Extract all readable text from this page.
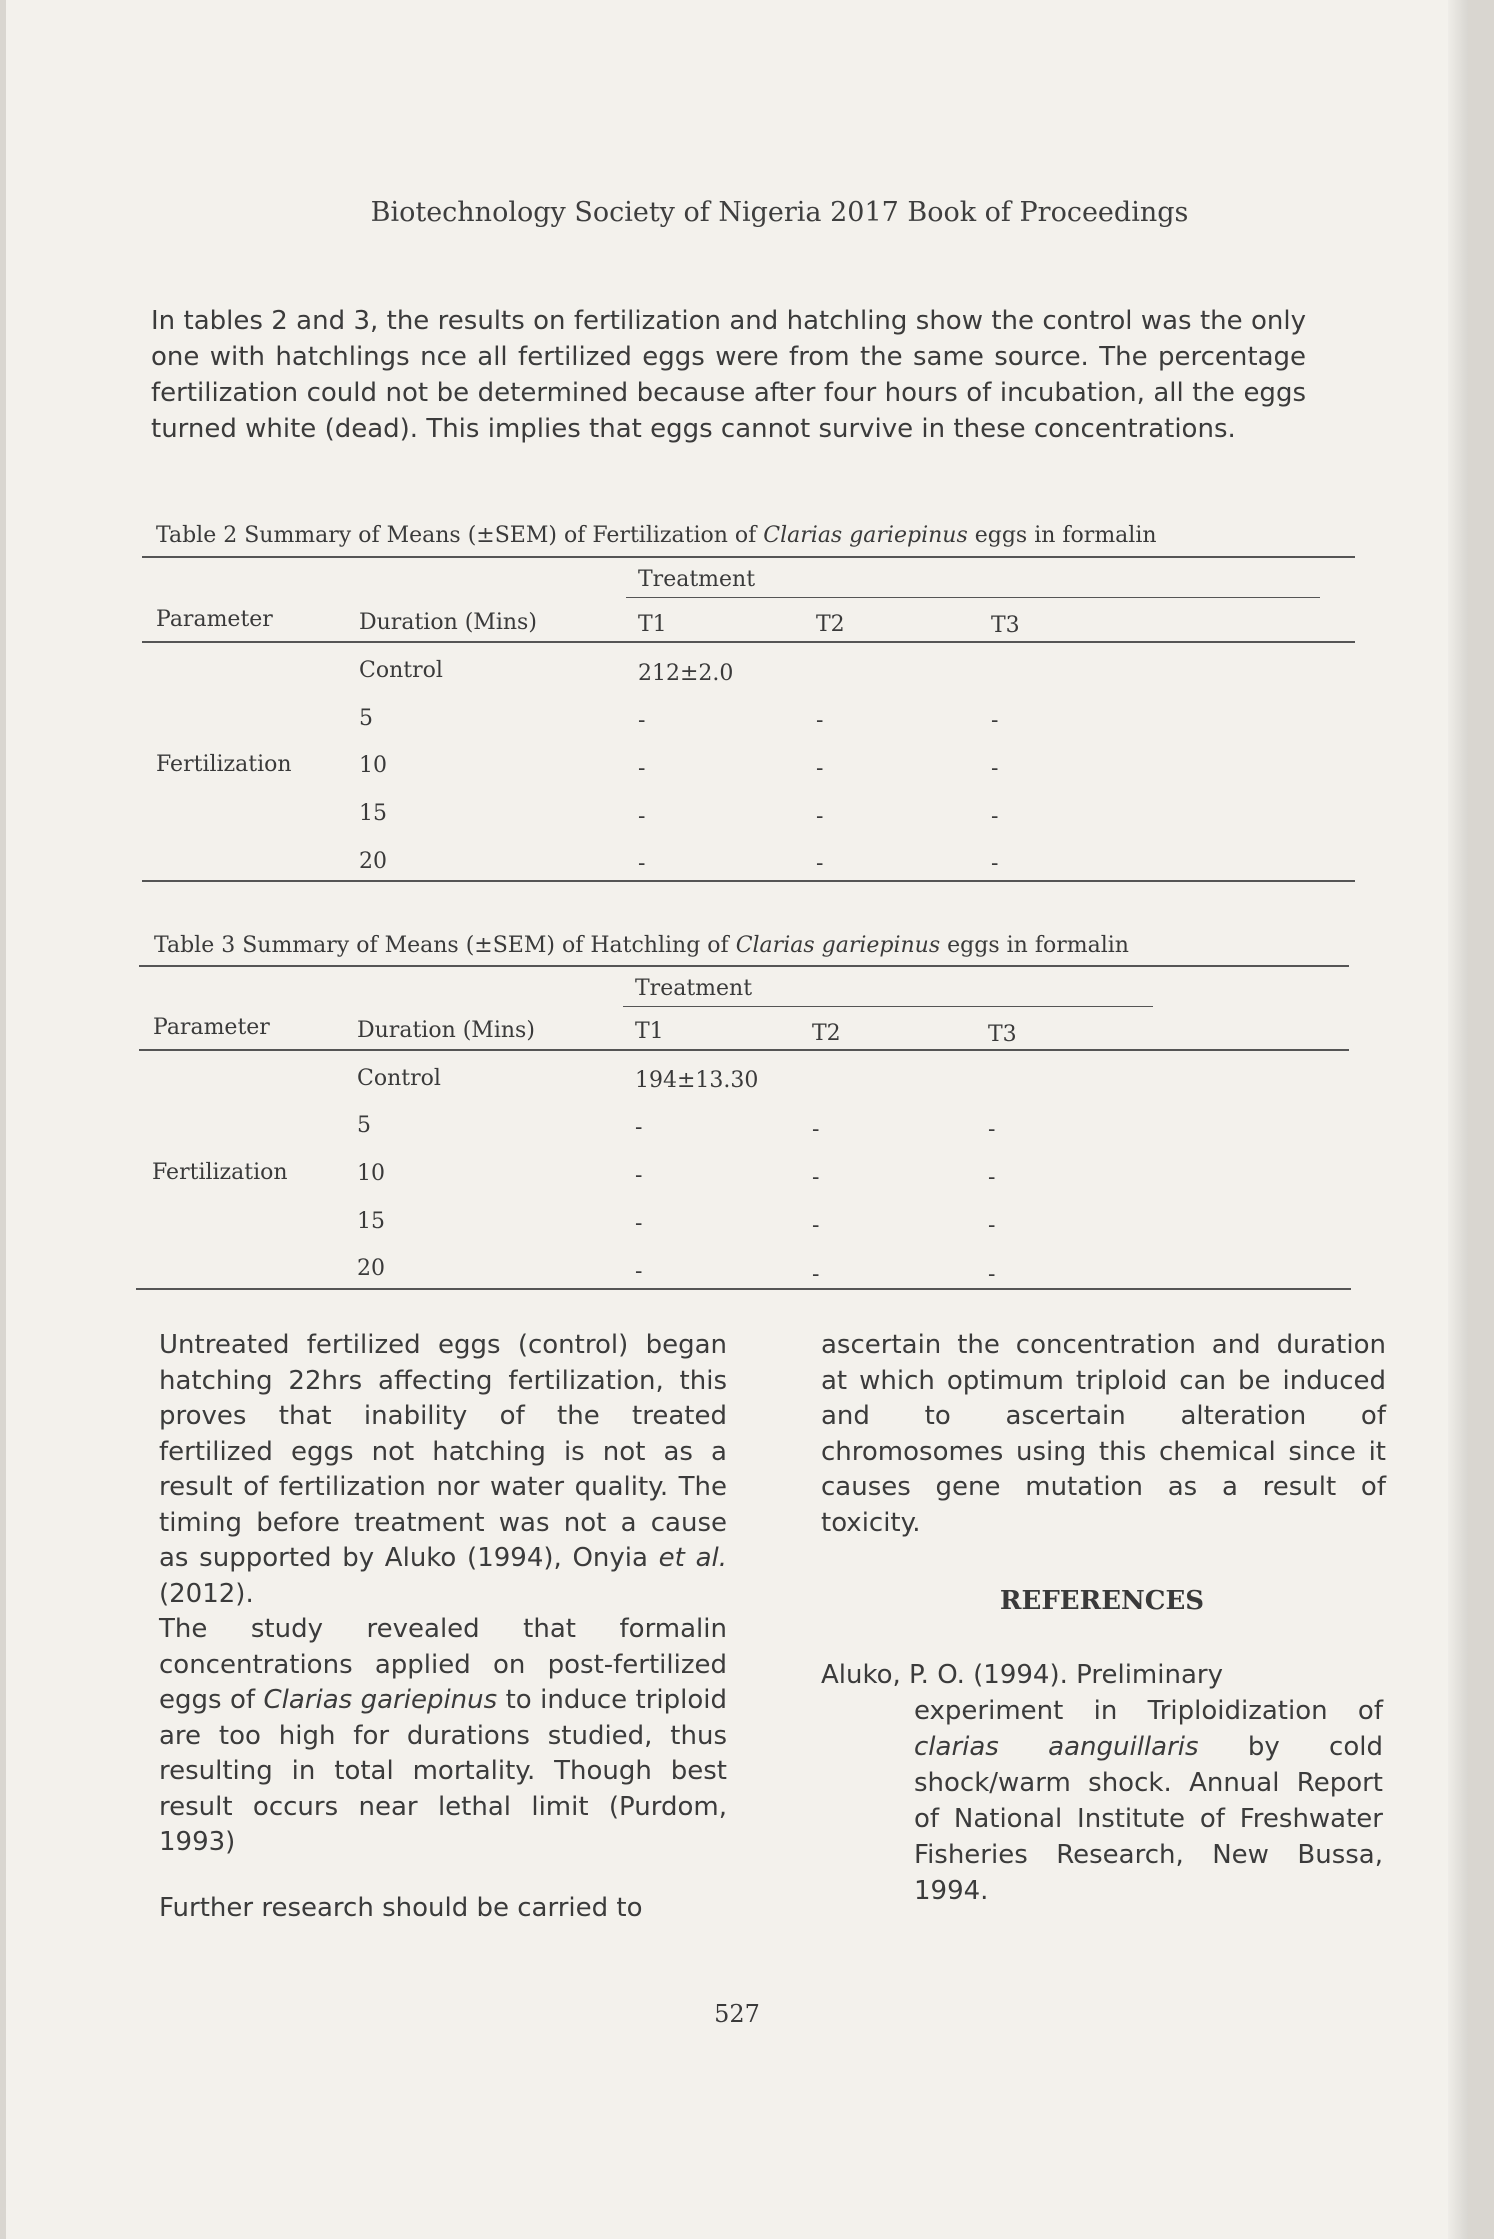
Biotechnology Society of Nigeria 2017 Book of Proceedings
In tables 2 and 3, the results on fertilization and hatchling show the control was the only one with hatchlings nce all fertilized eggs were from the same source. The percentage fertilization could not be determined because after four hours of incubation, all the eggs turned white (dead). This implies that eggs cannot survive in these concentrations.
Table 2 Summary of Means (±SEM) of Fertilization of Clarias gariepinus eggs in formalin
Treatment
Parameter	Duration (Mins)	T1	T2	T3
Fertilization
Control	212±2.0
5	-	-	-
10	-	-	-
15	-	-	-
20	-	-	-
Table 3 Summary of Means (±SEM) of Hatchling of Clarias gariepinus eggs in formalin
Treatment
Parameter	Duration (Mins)	T1	T2	T3
Fertilization
Control	194±13.30
5	-	-	-
10	-	-	-
15	-	-	-
20	-	-	-

Untreated fertilized eggs (control) began hatching 22hrs affecting fertilization, this proves that inability of the treated fertilized eggs not hatching is not as a result of fertilization nor water quality. The timing before treatment was not a cause as supported by Aluko (1994), Onyia et al. (2012).

The study revealed that formalin concentrations applied on post-fertilized eggs of Clarias gariepinus to induce triploid are too high for durations studied, thus resulting in total mortality. Though best result occurs near lethal limit (Purdom, 1993)

Further research should be carried to

ascertain the concentration and duration at which optimum triploid can be induced and to ascertain alteration of chromosomes using this chemical since it causes gene mutation as a result of toxicity.

REFERENCES
Aluko, P. O. (1994). Preliminary
experiment in Triploidization of clarias aanguillaris by cold shock/warm shock. Annual Report of National Institute of Freshwater Fisheries Research, New Bussa, 1994.
527
